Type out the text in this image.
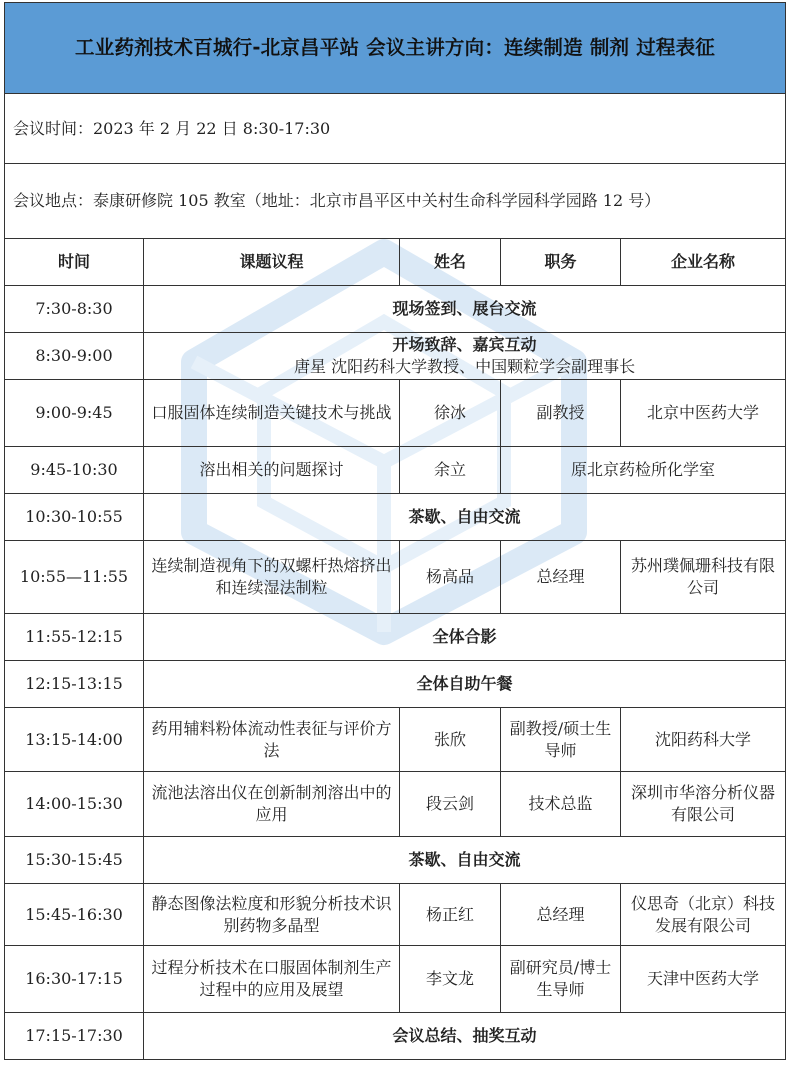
工业药剂技术百城行-北京昌平站 会议主讲方向：连续制造 制剂 过程表征				
会议时间：2023 年 2 月 22 日 8:30-17:30				
会议地点：泰康研修院 105 教室（地址：北京市昌平区中关村生命科学园科学园路 12 号）				
时间	课题议程	姓名	职务	企业名称
7:30-8:30	现场签到、展台交流			

8:30-9:00	开场致辞、嘉宾互动
唐星 沈阳药科大学教授、中国颗粒学会副理事长			

9:00-9:45	口服固体连续制造关键技术与挑战	徐冰	副教授	北京中医药大学
9:45-10:30	溶出相关的问题探讨	余立	原北京药检所化学室	
10:30-10:55	茶歇、自由交流			

10:55—11:55	连续制造视角下的双螺杆热熔挤出和连续湿法制粒	杨高品	总经理	苏州璞佩珊科技有限公司
11:55-12:15	全体合影			

12:15-13:15	全体自助午餐			

13:15-14:00	药用辅料粉体流动性表征与评价方法	张欣	副教授/硕士生导师	沈阳药科大学
14:00-15:30	流池法溶出仪在创新制剂溶出中的应用	段云剑	技术总监	深圳市华溶分析仪器有限公司
15:30-15:45	茶歇、自由交流			

15:45-16:30	静态图像法粒度和形貌分析技术识别药物多晶型	杨正红	总经理	仪思奇（北京）科技发展有限公司
16:30-17:15	过程分析技术在口服固体制剂生产过程中的应用及展望	李文龙	副研究员/博士生导师	天津中医药大学
17:15-17:30	会议总结、抽奖互动			
